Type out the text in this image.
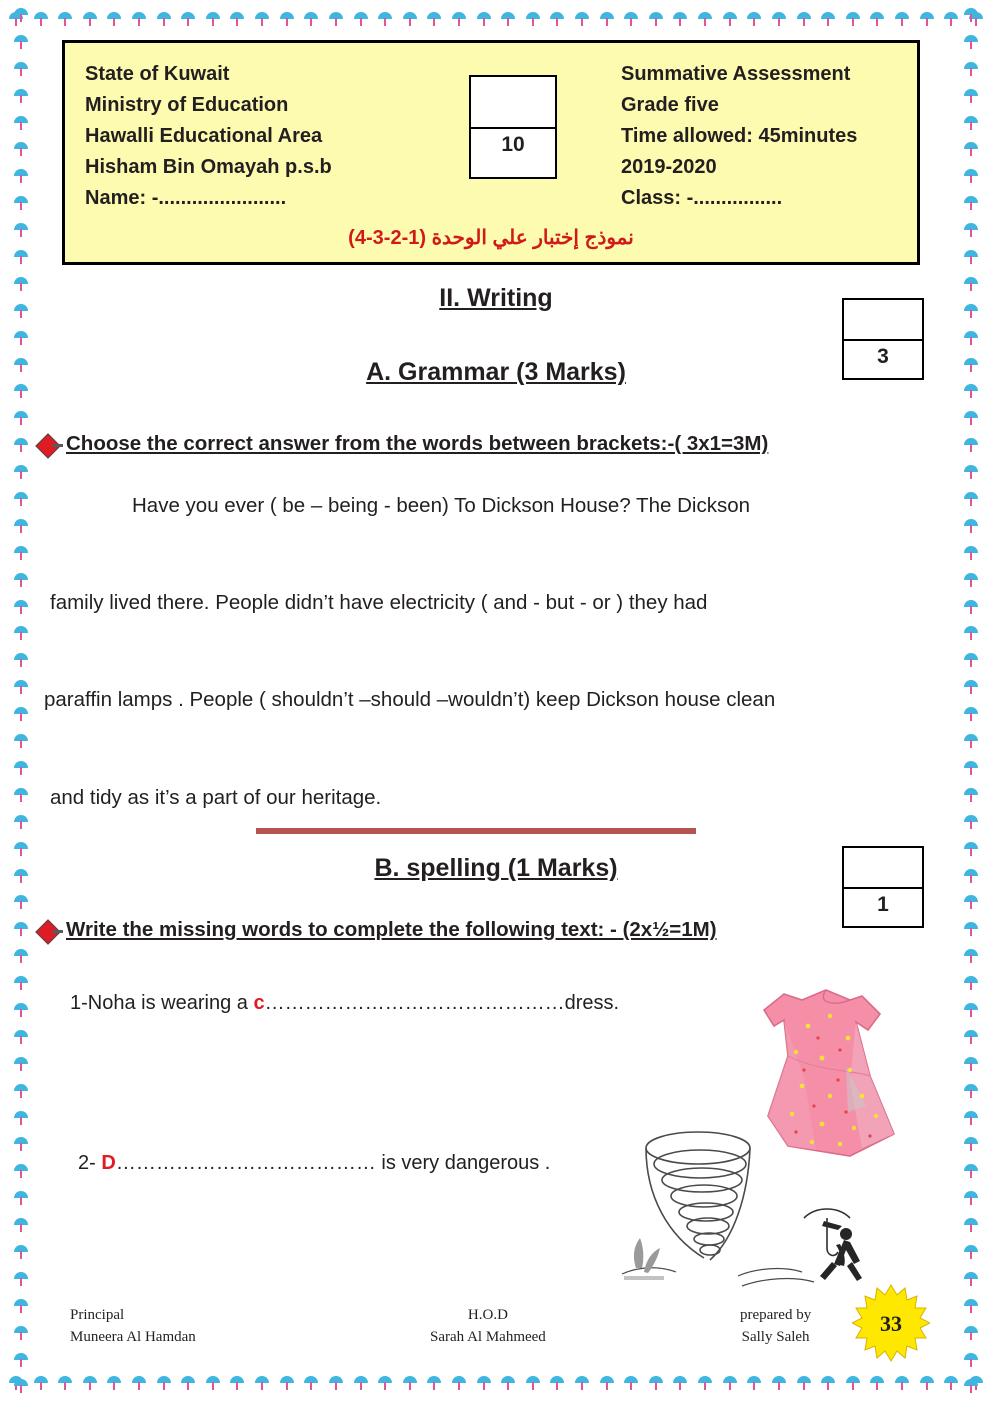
State of Kuwait
Ministry of Education
Hawalli Educational Area
Hisham Bin Omayah p.s.b
Name: -.......................
10
Summative Assessment
Grade five
Time allowed: 45minutes
2019-2020
Class: -................
نموذج إختبار علي الوحدة (1-2-3-4)
II. Writing
3
A. Grammar (3 Marks)
Choose the correct answer from the words between brackets:-( 3x1=3M)
Have you ever ( be – being - been) To Dickson House? The Dickson
family lived there. People didn’t have electricity ( and - but - or ) they had
paraffin lamps . People ( shouldn’t –should –wouldn’t) keep Dickson house clean
and tidy as it’s a part of our heritage.
B. spelling (1 Marks)
1
Write the missing words to complete the following text: - (2x½=1M)
1-Noha is wearing a c………………………………………dress.
2- D………………………………… is very dangerous .
Principal
Muneera Al Hamdan
H.O.D
Sarah Al Mahmeed
prepared by
Sally Saleh
33
